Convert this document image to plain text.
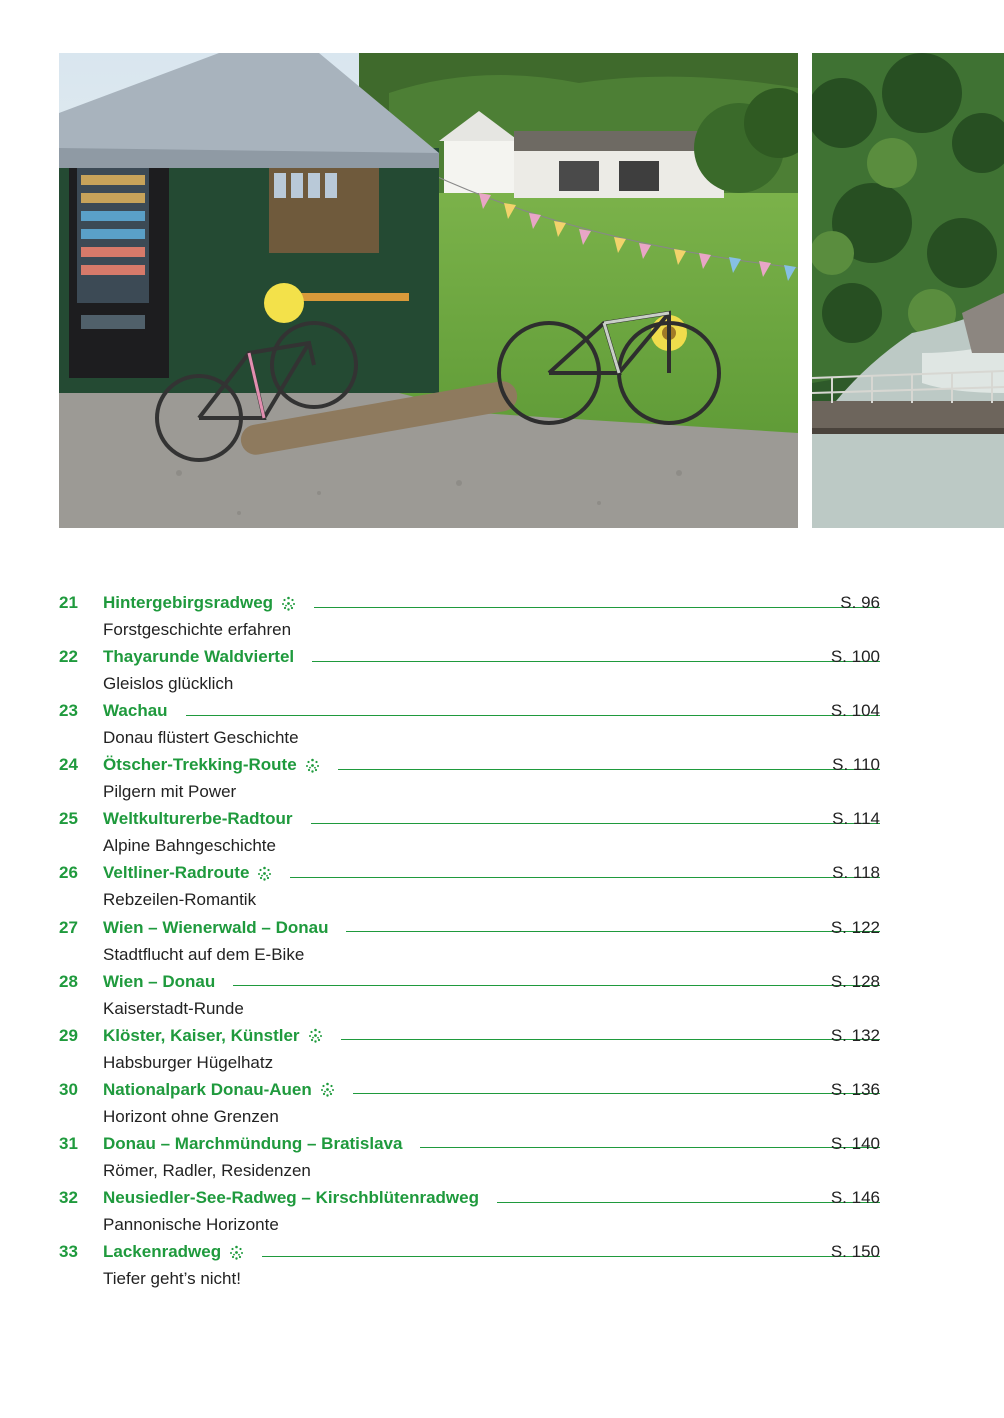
21	Hintergebirgsradweg	S. 96
Forstgeschichte erfahren
22	Thayarunde Waldviertel	S. 100
Gleislos glücklich
23	Wachau	S. 104
Donau flüstert Geschichte
24	Ötscher-Trekking-Route	S. 110
Pilgern mit Power
25	Weltkulturerbe-Radtour	S. 114
Alpine Bahngeschichte
26	Veltliner-Radroute	S. 118
Rebzeilen-Romantik
27	Wien – Wienerwald – Donau	S. 122
Stadtflucht auf dem E-Bike
28	Wien – Donau	S. 128
Kaiserstadt-Runde
29	Klöster, Kaiser, Künstler	S. 132
Habsburger Hügelhatz
30	Nationalpark Donau-Auen	S. 136
Horizont ohne Grenzen
31	Donau – Marchmündung – Bratislava	S. 140
Römer, Radler, Residenzen
32	Neusiedler-See-Radweg – Kirschblütenradweg	S. 146
Pannonische Horizonte
33	Lackenradweg	S. 150
Tiefer geht’s nicht!
